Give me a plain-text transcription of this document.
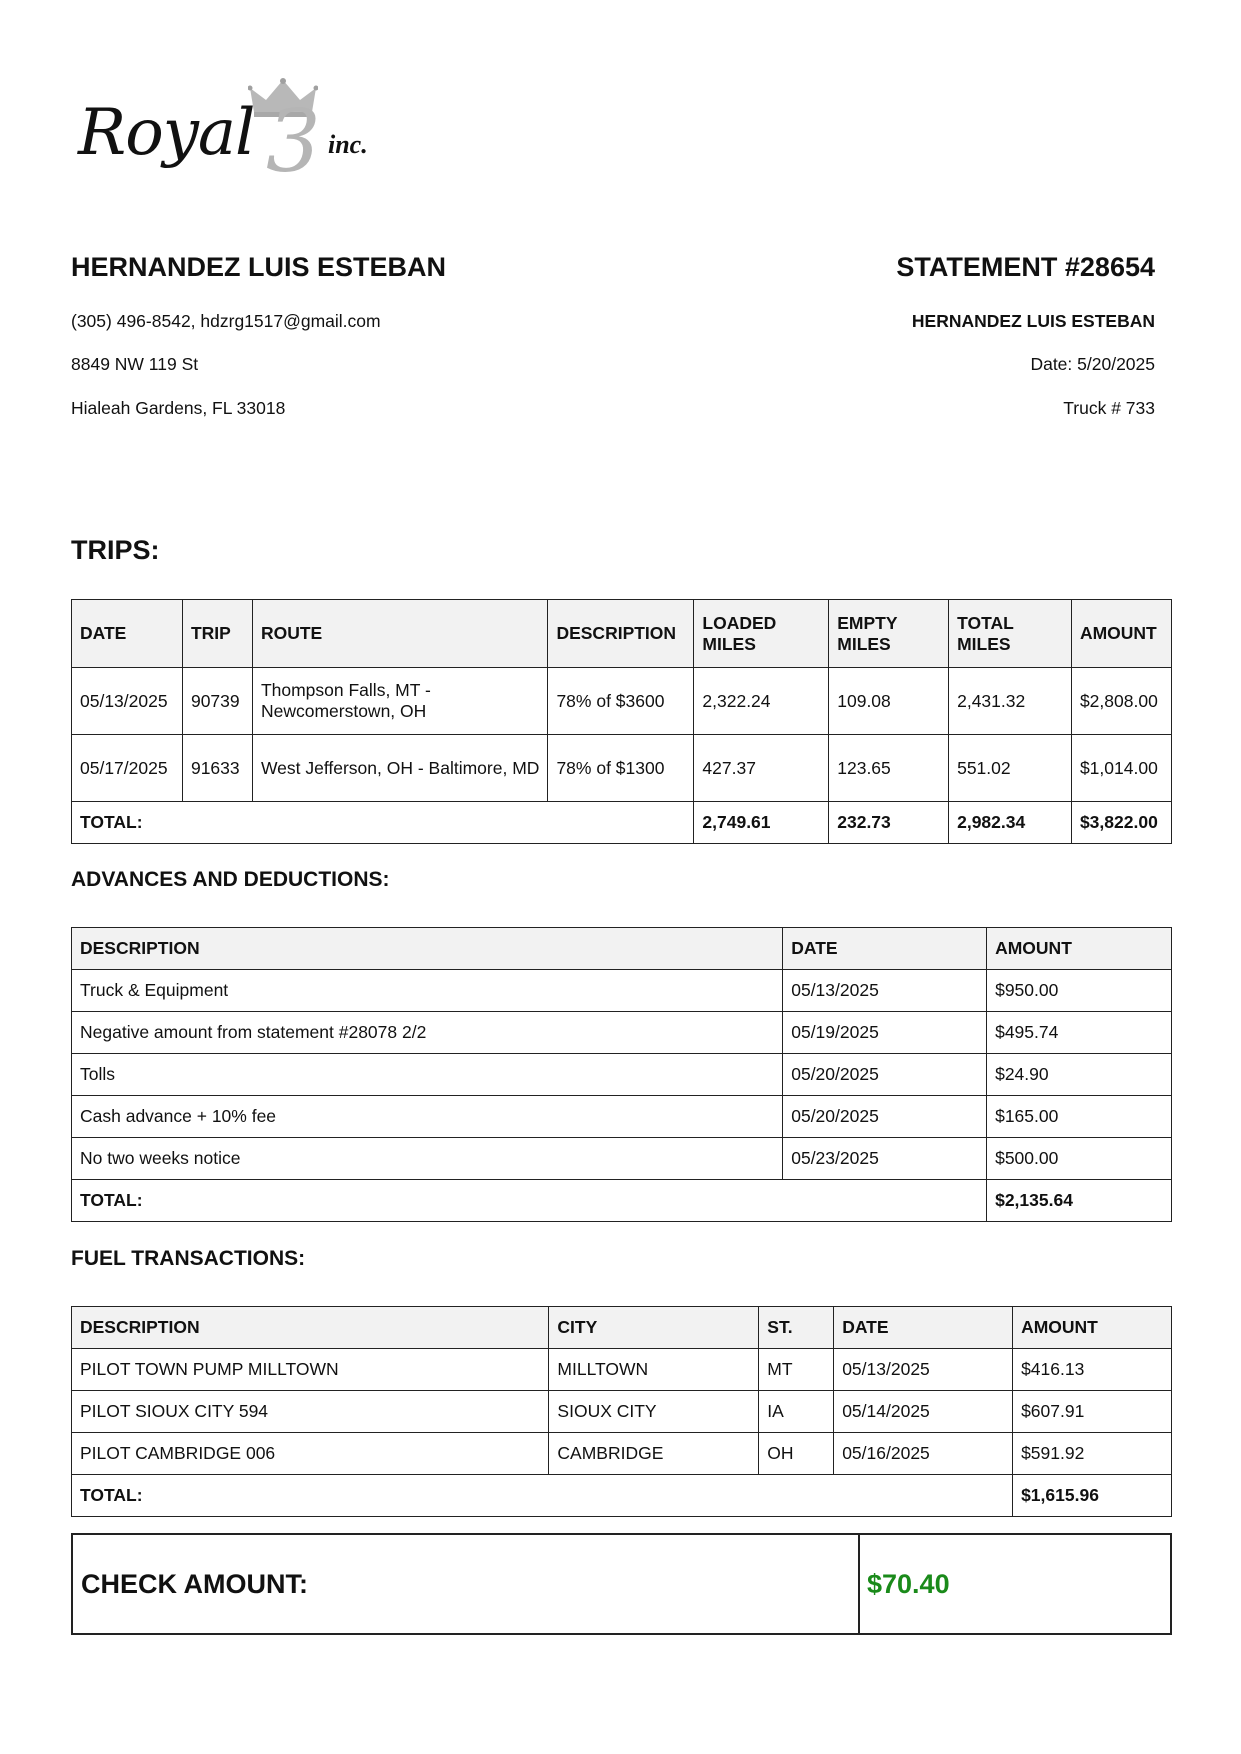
Royal 3 inc.
HERNANDEZ LUIS ESTEBAN	STATEMENT #28654
(305) 496-8542, hdzrg1517@gmail.com
8849 NW 119 St
Hialeah Gardens, FL 33018
HERNANDEZ LUIS ESTEBAN
Date: 5/20/2025
Truck # 733
TRIPS:
DATE	TRIP	ROUTE	DESCRIPTION	LOADED MILES	EMPTY MILES	TOTAL MILES	AMOUNT
05/13/2025	90739	Thompson Falls, MT - Newcomerstown, OH	78% of $3600	2,322.24	109.08	2,431.32	$2,808.00
05/17/2025	91633	West Jefferson, OH - Baltimore, MD	78% of $1300	427.37	123.65	551.02	$1,014.00
TOTAL:				2,749.61	232.73	2,982.34	$3,822.00
ADVANCES AND DEDUCTIONS:
DESCRIPTION	DATE	AMOUNT
Truck & Equipment	05/13/2025	$950.00
Negative amount from statement #28078 2/2	05/19/2025	$495.74
Tolls	05/20/2025	$24.90
Cash advance + 10% fee	05/20/2025	$165.00
No two weeks notice	05/23/2025	$500.00
TOTAL:		$2,135.64
FUEL TRANSACTIONS:
DESCRIPTION	CITY	ST.	DATE	AMOUNT
PILOT TOWN PUMP MILLTOWN	MILLTOWN	MT	05/13/2025	$416.13
PILOT SIOUX CITY 594	SIOUX CITY	IA	05/14/2025	$607.91
PILOT CAMBRIDGE 006	CAMBRIDGE	OH	05/16/2025	$591.92
TOTAL:				$1,615.96
CHECK AMOUNT:	$70.40
